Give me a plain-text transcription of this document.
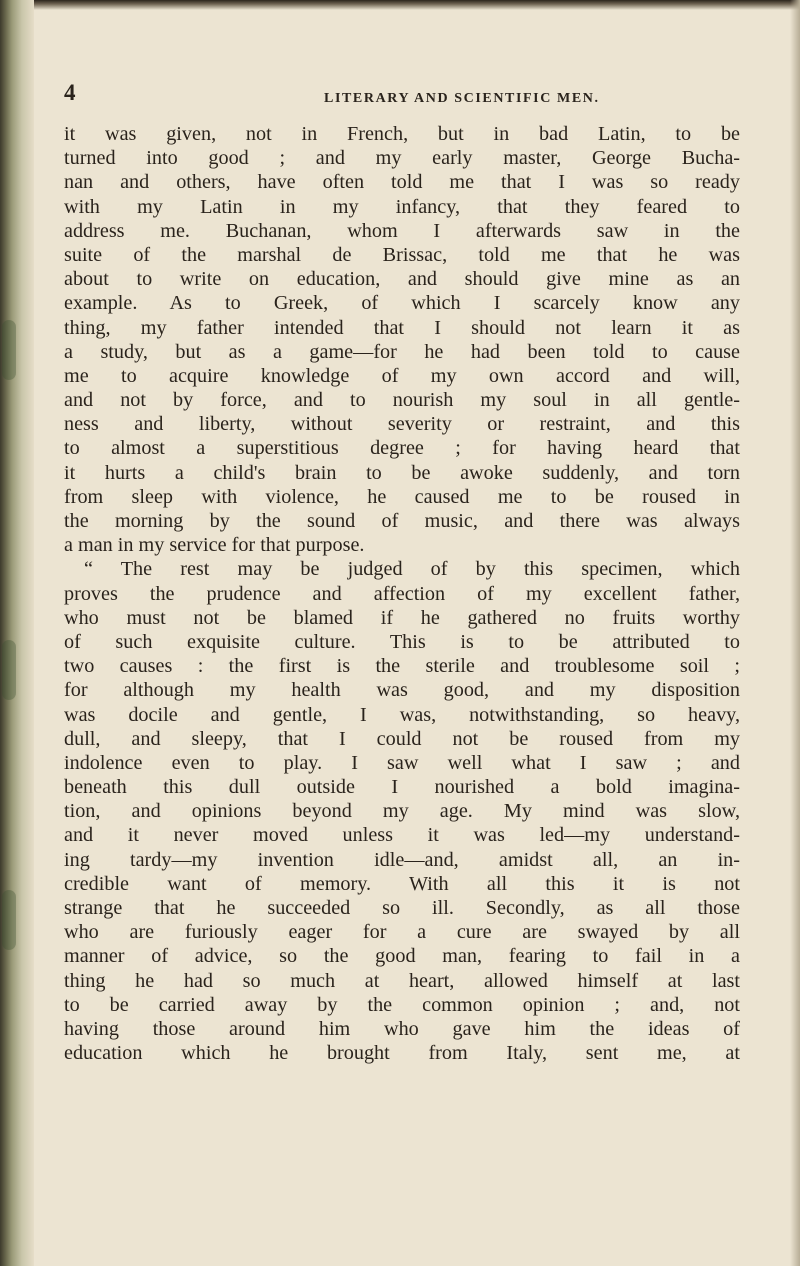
4	LITERARY AND SCIENTIFIC MEN.
it was given, not in French, but in bad Latin, to be
turned into good ; and my early master, George Bucha-
nan and others, have often told me that I was so ready
with my Latin in my infancy, that they feared to
address me. Buchanan, whom I afterwards saw in the
suite of the marshal de Brissac, told me that he was
about to write on education, and should give mine as an
example. As to Greek, of which I scarcely know any
thing, my father intended that I should not learn it as
a study, but as a game—for he had been told to cause
me to acquire knowledge of my own accord and will,
and not by force, and to nourish my soul in all gentle-
ness and liberty, without severity or restraint, and this
to almost a superstitious degree ; for having heard that
it hurts a child's brain to be awoke suddenly, and torn
from sleep with violence, he caused me to be roused in
the morning by the sound of music, and there was always
a man in my service for that purpose.
“ The rest may be judged of by this specimen, which
proves the prudence and affection of my excellent father,
who must not be blamed if he gathered no fruits worthy
of such exquisite culture. This is to be attributed to
two causes : the first is the sterile and troublesome soil ;
for although my health was good, and my disposition
was docile and gentle, I was, notwithstanding, so heavy,
dull, and sleepy, that I could not be roused from my
indolence even to play. I saw well what I saw ; and
beneath this dull outside I nourished a bold imagina-
tion, and opinions beyond my age. My mind was slow,
and it never moved unless it was led—my understand-
ing tardy—my invention idle—and, amidst all, an in-
credible want of memory. With all this it is not
strange that he succeeded so ill. Secondly, as all those
who are furiously eager for a cure are swayed by all
manner of advice, so the good man, fearing to fail in a
thing he had so much at heart, allowed himself at last
to be carried away by the common opinion ; and, not
having those around him who gave him the ideas of
education which he brought from Italy, sent me, at
